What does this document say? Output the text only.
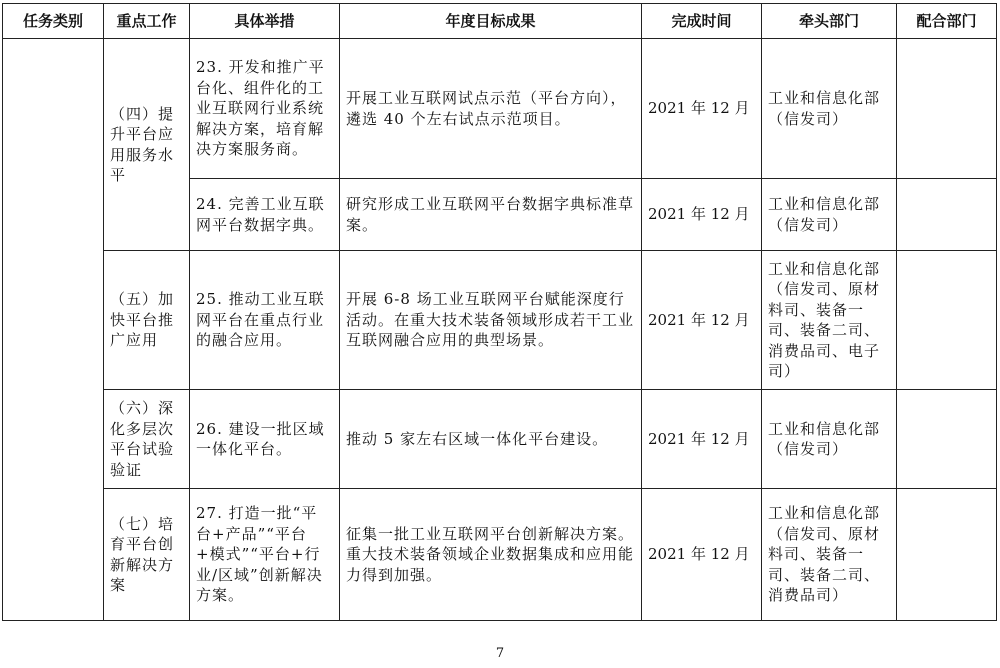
任务类别	重点工作	具体举措	年度目标成果	完成时间	牵头部门	配合部门
	（四）提升平台应用服务水平	23. 开发和推广平台化、组件化的工业互联网行业系统解决方案，培育解决方案服务商。	开展工业互联网试点示范（平台方向），遴选 40 个左右试点示范项目。	2021 年 12 月	工业和信息化部（信发司）	
		24. 完善工业互联网平台数据字典。	研究形成工业互联网平台数据字典标准草案。	2021 年 12 月	工业和信息化部（信发司）	
	（五）加快平台推广应用	25. 推动工业互联网平台在重点行业的融合应用。	开展 6-8 场工业互联网平台赋能深度行活动。在重大技术装备领域形成若干工业互联网融合应用的典型场景。	2021 年 12 月	工业和信息化部（信发司、原材料司、装备一司、装备二司、消费品司、电子司）	
	（六）深化多层次平台试验验证	26. 建设一批区域一体化平台。	推动 5 家左右区域一体化平台建设。	2021 年 12 月	工业和信息化部（信发司）	
	（七）培育平台创新解决方案	27. 打造一批“平台+产品”“平台+模式”“平台+行业/区域”创新解决方案。	征集一批工业互联网平台创新解决方案。重大技术装备领域企业数据集成和应用能力得到加强。	2021 年 12 月	工业和信息化部（信发司、原材料司、装备一司、装备二司、消费品司）	
7
